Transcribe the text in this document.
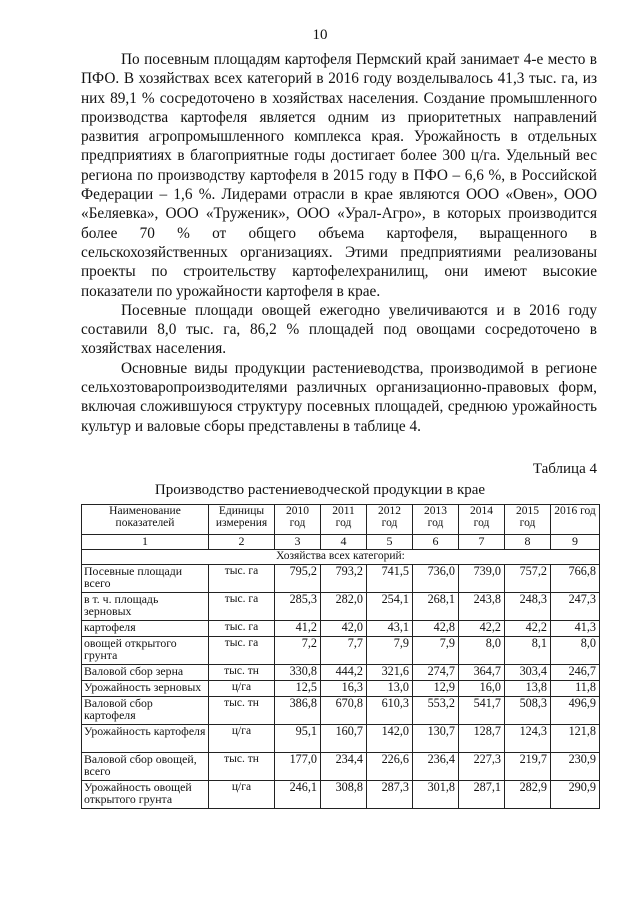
10

По посевным площадям картофеля Пермский край занимает 4-е место в ПФО. В хозяйствах всех категорий в 2016 году возделывалось 41,3 тыс. га, из них 89,1 % сосредоточено в хозяйствах населения. Создание промышленного производства картофеля является одним из приоритетных направлений развития агропромышленного комплекса края. Урожайность в отдельных предприятиях в благоприятные годы достигает более 300 ц/га. Удельный вес региона по производству картофеля в 2015 году в ПФО – 6,6 %, в Российской Федерации – 1,6 %. Лидерами отрасли в крае являются ООО «Овен», ООО «Беляевка», ООО «Труженик», ООО «Урал-Агро», в которых производится более 70 % от общего объема картофеля, выращенного в сельскохозяйственных организациях. Этими предприятиями реализованы проекты по строительству картофелехранилищ, они имеют высокие показатели по урожайности картофеля в крае.

Посевные площади овощей ежегодно увеличиваются и в 2016 году составили 8,0 тыс. га, 86,2 % площадей под овощами сосредоточено в хозяйствах населения.

Основные виды продукции растениеводства, производимой в регионе сельхозтоваропроизводителями различных организационно-правовых форм, включая сложившуюся структуру посевных площадей, среднюю урожайность культур и валовые сборы представлены в таблице 4.

Таблица 4
Производство растениеводческой продукции в крае
Наименование показателей	Единицы измерения	2010 год	2011 год	2012 год	2013 год	2014 год	2015 год	2016 год
1	2	3	4	5	6	7	8	9
Хозяйства всех категорий:								
Посевные площади всего	тыс. га	795,2	793,2	741,5	736,0	739,0	757,2	766,8
в т. ч. площадь зерновых	тыс. га	285,3	282,0	254,1	268,1	243,8	248,3	247,3
картофеля	тыс. га	41,2	42,0	43,1	42,8	42,2	42,2	41,3
овощей открытого грунта	тыс. га	7,2	7,7	7,9	7,9	8,0	8,1	8,0
Валовой сбор зерна	тыс. тн	330,8	444,2	321,6	274,7	364,7	303,4	246,7
Урожайность зерновых	ц/га	12,5	16,3	13,0	12,9	16,0	13,8	11,8
Валовой сбор картофеля	тыс. тн	386,8	670,8	610,3	553,2	541,7	508,3	496,9
Урожайность картофеля	ц/га	95,1	160,7	142,0	130,7	128,7	124,3	121,8
Валовой сбор овощей, всего	тыс. тн	177,0	234,4	226,6	236,4	227,3	219,7	230,9
Урожайность овощей открытого грунта	ц/га	246,1	308,8	287,3	301,8	287,1	282,9	290,9
